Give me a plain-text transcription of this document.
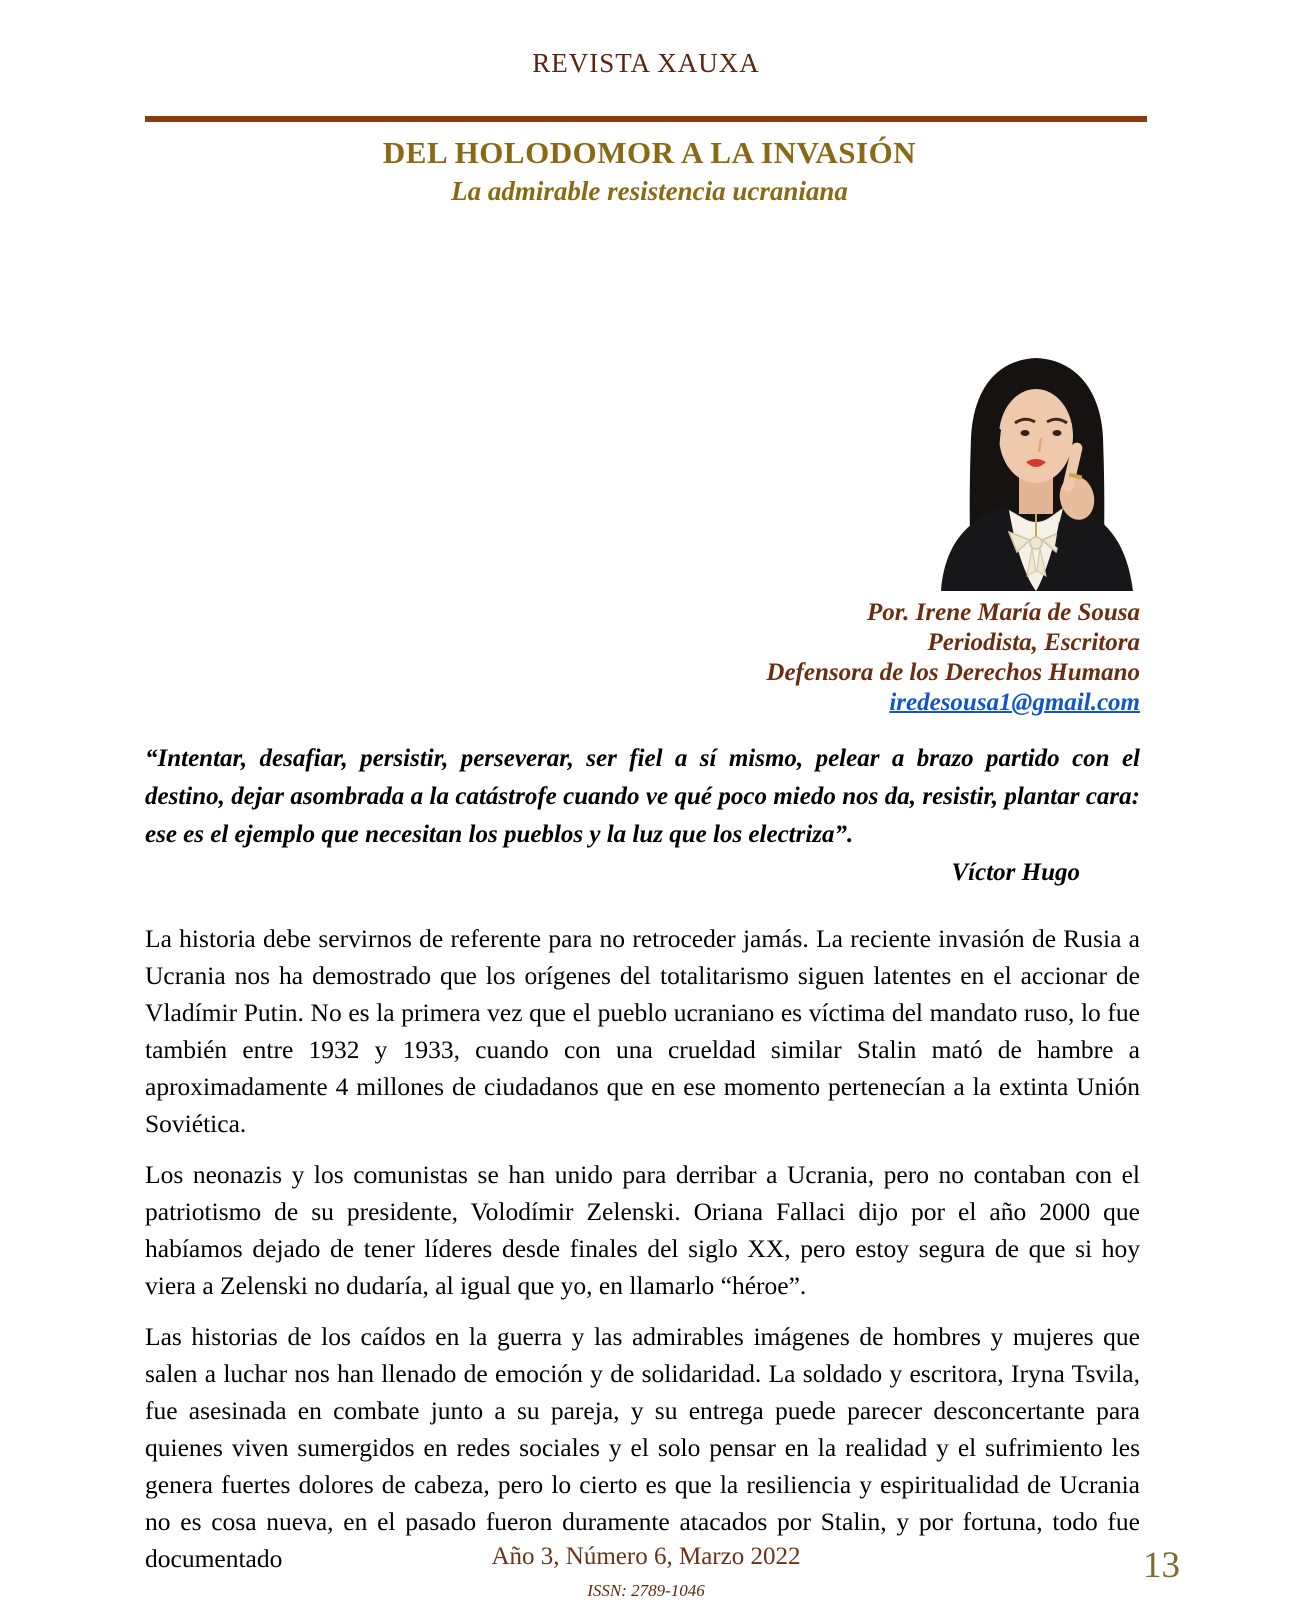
REVISTA XAUXA
DEL HOLODOMOR A LA INVASIÓN
La admirable resistencia ucraniana
Por. Irene María de Sousa
Periodista, Escritora
Defensora de los Derechos Humano
iredesousa1@gmail.com

“Intentar, desafiar, persistir, perseverar, ser fiel a sí mismo, pelear a brazo partido con el destino, dejar asombrada a la catástrofe cuando ve qué poco miedo nos da, resistir, plantar cara: ese es el ejemplo que necesitan los pueblos y la luz que los electriza”.

Víctor Hugo

La historia debe servirnos de referente para no retroceder jamás. La reciente invasión de Rusia a Ucrania nos ha demostrado que los orígenes del totalitarismo siguen latentes en el accionar de Vladímir Putin. No es la primera vez que el pueblo ucraniano es víctima del mandato ruso, lo fue también entre 1932 y 1933, cuando con una crueldad similar Stalin mató de hambre a aproximadamente 4 millones de ciudadanos que en ese momento pertenecían a la extinta Unión Soviética.

Los neonazis y los comunistas se han unido para derribar a Ucrania, pero no contaban con el patriotismo de su presidente, Volodímir Zelenski. Oriana Fallaci dijo por el año 2000 que habíamos dejado de tener líderes desde finales del siglo XX, pero estoy segura de que si hoy viera a Zelenski no dudaría, al igual que yo, en llamarlo “héroe”.

Las historias de los caídos en la guerra y las admirables imágenes de hombres y mujeres que salen a luchar nos han llenado de emoción y de solidaridad. La soldado y escritora, Iryna Tsvila, fue asesinada en combate junto a su pareja, y su entrega puede parecer desconcertante para quienes viven sumergidos en redes sociales y el solo pensar en la realidad y el sufrimiento les genera fuertes dolores de cabeza, pero lo cierto es que la resiliencia y espiritualidad de Ucrania no es cosa nueva, en el pasado fueron duramente atacados por Stalin, y por fortuna, todo fue documentado	Año 3, Número 6, Marzo 2022
ISSN: 2789-1046
13
